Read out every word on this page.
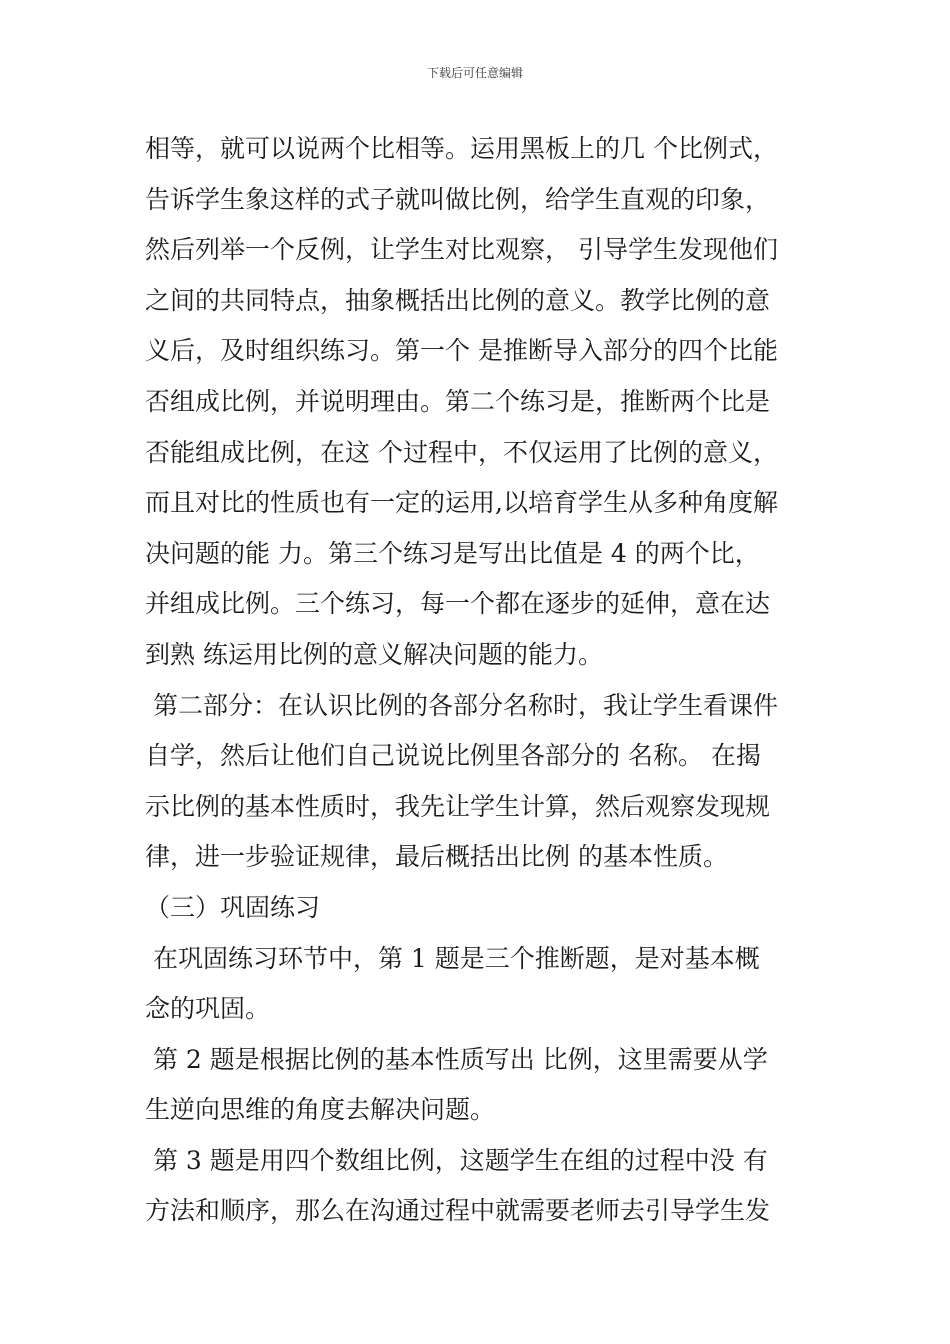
下载后可任意编辑
相等，就可以说两个比相等。运用黑板上的几 个比例式，
告诉学生象这样的式子就叫做比例，给学生直观的印象，
然后列举一个反例，让学生对比观察， 引导学生发现他们
之间的共同特点，抽象概括出比例的意义。教学比例的意
义后，及时组织练习。第一个 是推断导入部分的四个比能
否组成比例，并说明理由。第二个练习是，推断两个比是
否能组成比例，在这 个过程中，不仅运用了比例的意义，
而且对比的性质也有一定的运用,以培育学生从多种角度解
决问题的能 力。第三个练习是写出比值是 4 的两个比，
并组成比例。三个练习，每一个都在逐步的延伸，意在达
到熟 练运用比例的意义解决问题的能力。
第二部分：在认识比例的各部分名称时，我让学生看课件
自学，然后让他们自己说说比例里各部分的 名称。 在揭
示比例的基本性质时，我先让学生计算，然后观察发现规
律，进一步验证规律，最后概括出比例 的基本性质。
（三）巩固练习
在巩固练习环节中，第 1 题是三个推断题，是对基本概
念的巩固。
第 2 题是根据比例的基本性质写出 比例，这里需要从学
生逆向思维的角度去解决问题。
第 3 题是用四个数组比例，这题学生在组的过程中没 有
方法和顺序，那么在沟通过程中就需要老师去引导学生发
